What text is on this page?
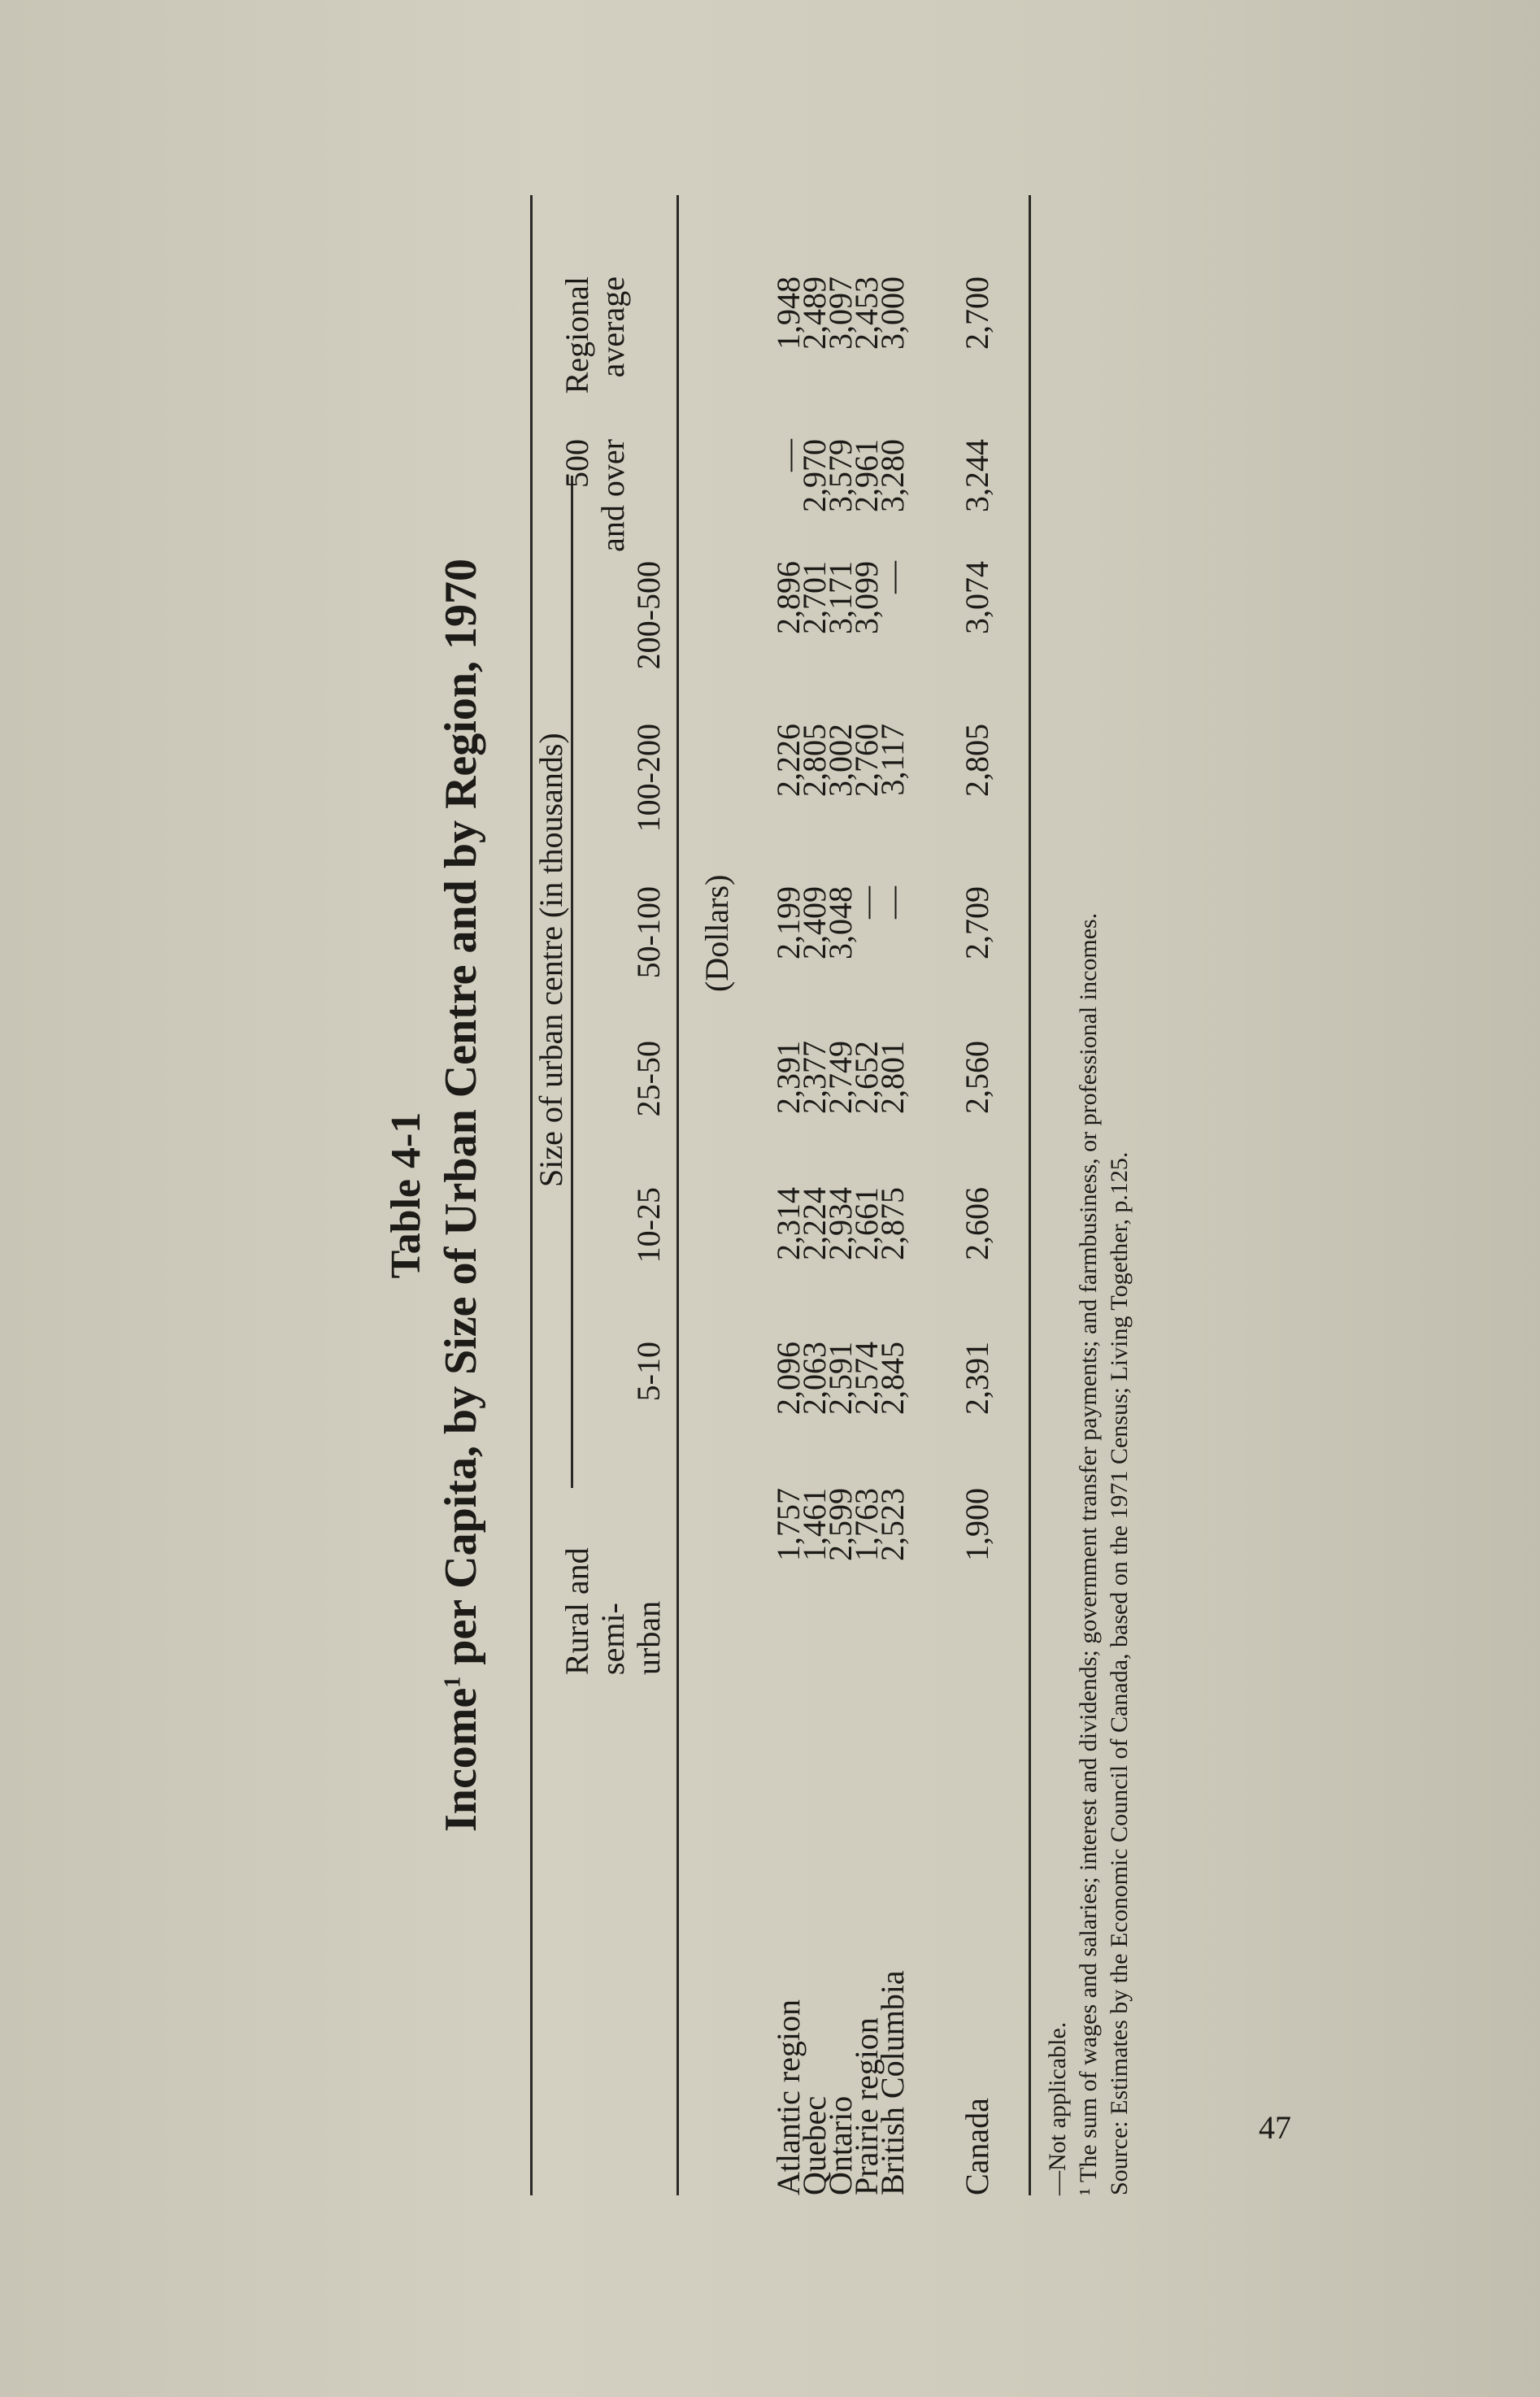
Table 4-1
Income$^1$ per Capita, by Size of Urban Centre and by Region, 1970 Rural and semi- urban
Size of urban centre (in thousands)
5-10
10-25
25-50
50-100
100-200
200-500
500 and over
Regional average
(Dollars)
Atlantic region
1,757
2,096
2,314
2,391
2,199
2,226
2,896
—
1,948
Quebec
1,461
2,063
2,224
2,377
2,409
2,805
2,701
2,970
2,489
Ontario
2,599
2,591
2,934
2,749
3,048
3,002
3,171
3,579
3,097
Prairie region
1,763
2,574
2,661
2,652
—
2,760
3,099
2,961
2,453
British Columbia
2,523
2,845
2,875
2,801
—
3,117
—
3,280
3,000
Canada
1,900
2,391
2,606
2,560
2,709
2,805
3,074
3,244
2,700
—Not applicable. ¹ The sum of wages and salaries; interest and dividends; government transfer payments; and farmbusiness, or professional incomes. Source: Estimates by the Economic Council of Canada, based on the 1971 Census; Living Together, p.125.	47
